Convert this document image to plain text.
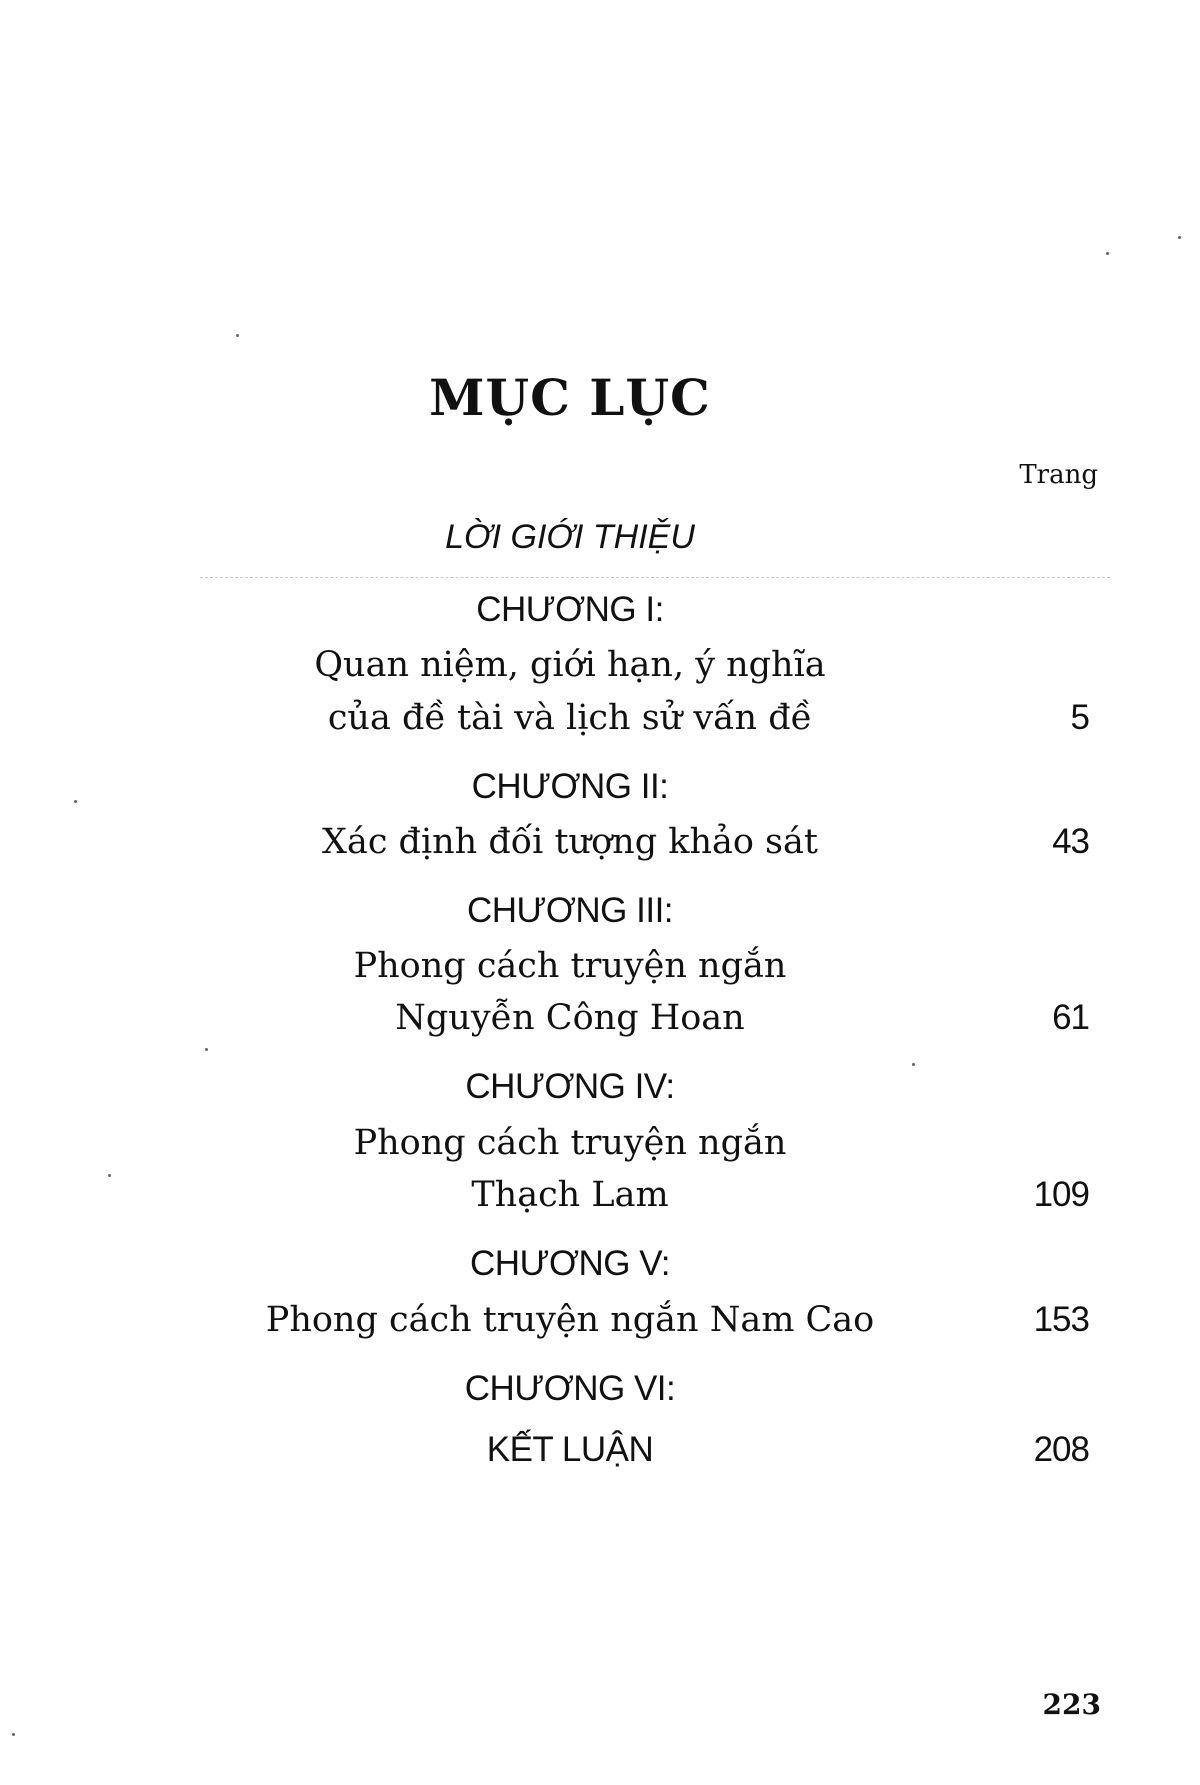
MỤC LỤC
Trang
LỜI GIỚI THIỆU
CHƯƠNG I:
Quan niệm, giới hạn, ý nghĩa
của đề tài và lịch sử vấn đề	5
CHƯƠNG II:
Xác định đối tượng khảo sát	43
CHƯƠNG III:
Phong cách truyện ngắn
Nguyễn Công Hoan	61
CHƯƠNG IV:
Phong cách truyện ngắn
Thạch Lam	109
CHƯƠNG V:
Phong cách truyện ngắn Nam Cao	153
CHƯƠNG VI:
KẾT LUẬN	208
223
